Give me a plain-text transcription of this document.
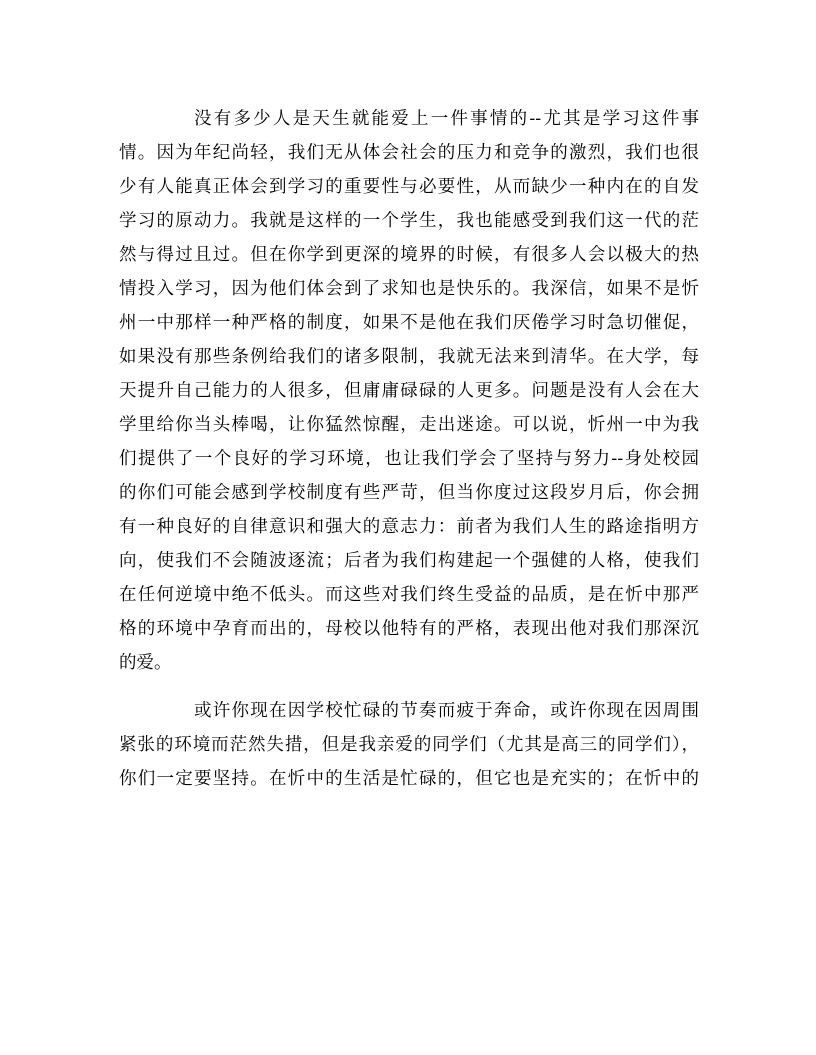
没有多少人是天生就能爱上一件事情的--尤其是学习这件事
情。因为年纪尚轻，我们无从体会社会的压力和竞争的激烈，我们也很
少有人能真正体会到学习的重要性与必要性，从而缺少一种内在的自发
学习的原动力。我就是这样的一个学生，我也能感受到我们这一代的茫
然与得过且过。但在你学到更深的境界的时候，有很多人会以极大的热
情投入学习，因为他们体会到了求知也是快乐的。我深信，如果不是忻
州一中那样一种严格的制度，如果不是他在我们厌倦学习时急切催促，
如果没有那些条例给我们的诸多限制，我就无法来到清华。在大学，每
天提升自己能力的人很多，但庸庸碌碌的人更多。问题是没有人会在大
学里给你当头棒喝，让你猛然惊醒，走出迷途。可以说，忻州一中为我
们提供了一个良好的学习环境，也让我们学会了坚持与努力--身处校园
的你们可能会感到学校制度有些严苛，但当你度过这段岁月后，你会拥
有一种良好的自律意识和强大的意志力：前者为我们人生的路途指明方
向，使我们不会随波逐流；后者为我们构建起一个强健的人格，使我们
在任何逆境中绝不低头。而这些对我们终生受益的品质，是在忻中那严
格的环境中孕育而出的，母校以他特有的严格，表现出他对我们那深沉
的爱。
或许你现在因学校忙碌的节奏而疲于奔命，或许你现在因周围
紧张的环境而茫然失措，但是我亲爱的同学们（尤其是高三的同学们），
你们一定要坚持。在忻中的生活是忙碌的，但它也是充实的；在忻中的
